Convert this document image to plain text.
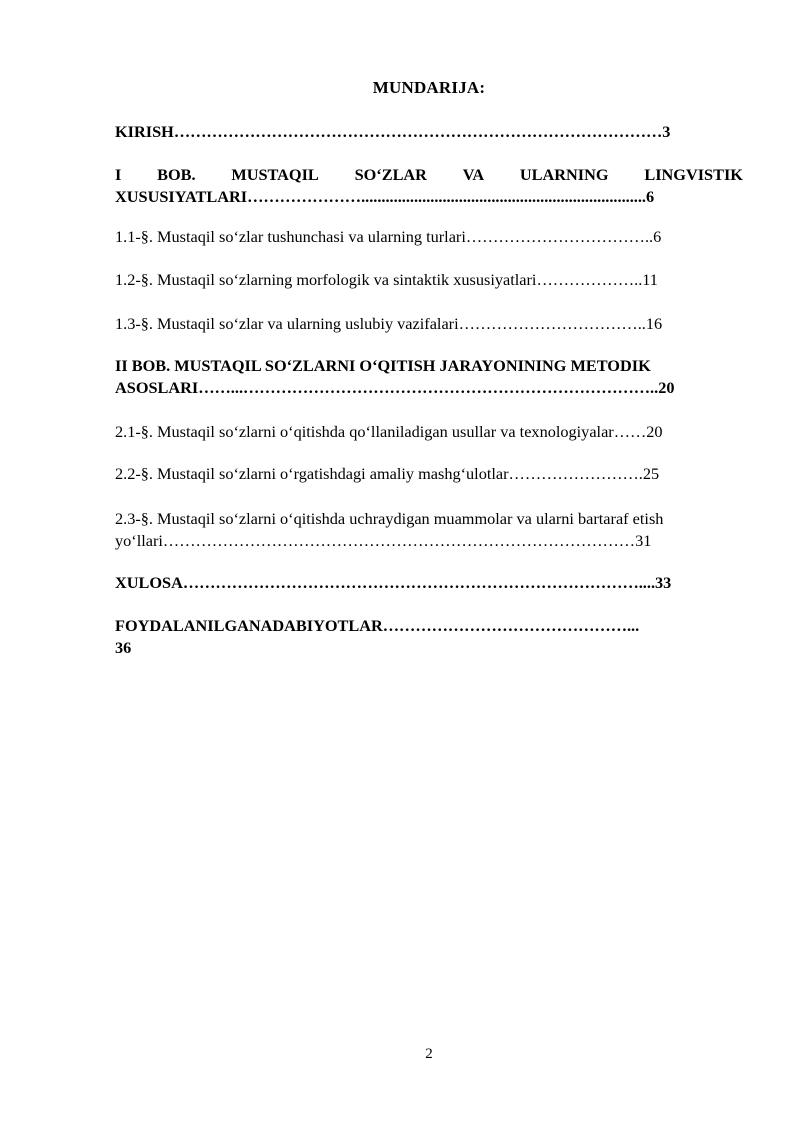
MUNDARIJA:
KIRISH………………………………………………………………………………3
I BOB. MUSTAQIL SO‘ZLAR VA ULARNING LINGVISTIK
XUSUSIYATLARI…………………......................................................................6
1.1-§. Mustaqil so‘zlar tushunchasi va ularning turlari……………………………..6
1.2-§. Mustaqil so‘zlarning morfologik va sintaktik xususiyatlari………………..11
1.3-§. Mustaqil so‘zlar va ularning uslubiy vazifalari……………………………..16
II BOB. MUSTAQIL SO‘ZLARNI O‘QITISH JARAYONINING METODIK
ASOSLARI……...…………………………………………………………………..20
2.1-§. Mustaqil so‘zlarni o‘qitishda qo‘llaniladigan usullar va texnologiyalar……20
2.2-§. Mustaqil so‘zlarni o‘rgatishdagi amaliy mashg‘ulotlar…………………….25
2.3-§. Mustaqil so‘zlarni o‘qitishda uchraydigan muammolar va ularni bartaraf etish
yo‘llari……………………………………………………………………………31
XULOSA…………………………………………………………………………....33
FOYDALANILGANADABIYOTLAR………………………………………...
36
2
